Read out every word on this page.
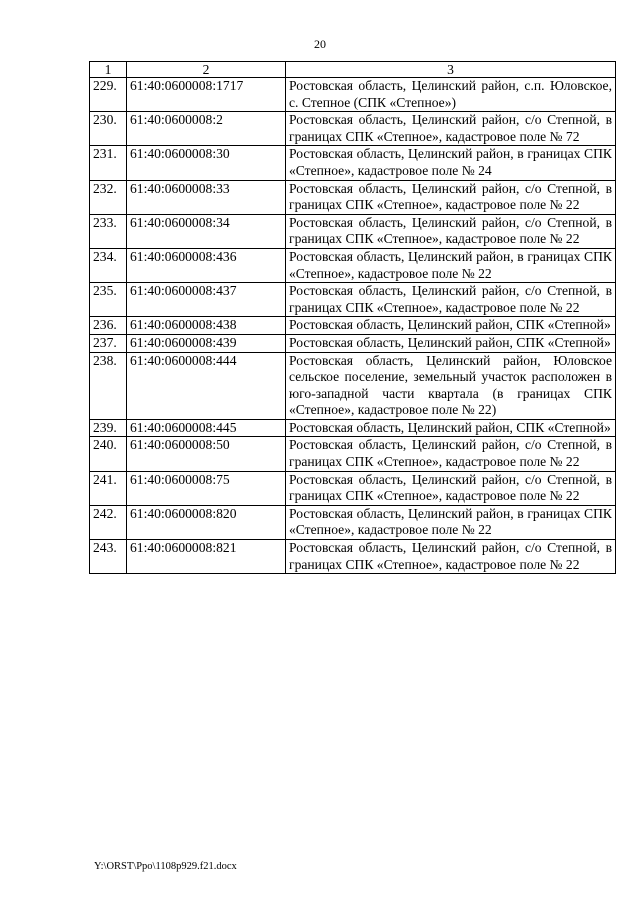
20
1	2	3
229.	61:40:0600008:1717	Ростовская область, Целинский район, с.п. Юловское, с. Степное (СПК «Степное»)
230.	61:40:0600008:2	Ростовская область, Целинский район, с/о Степной, в границах СПК «Степное», кадастровое поле № 72
231.	61:40:0600008:30	Ростовская область, Целинский район, в границах СПК «Степное», кадастровое поле № 24
232.	61:40:0600008:33	Ростовская область, Целинский район, с/о Степной, в границах СПК «Степное», кадастровое поле № 22
233.	61:40:0600008:34	Ростовская область, Целинский район, с/о Степной, в границах СПК «Степное», кадастровое поле № 22
234.	61:40:0600008:436	Ростовская область, Целинский район, в границах СПК «Степное», кадастровое поле № 22
235.	61:40:0600008:437	Ростовская область, Целинский район, с/о Степной, в границах СПК «Степное», кадастровое поле № 22
236.	61:40:0600008:438	Ростовская область, Целинский район, СПК «Степной»
237.	61:40:0600008:439	Ростовская область, Целинский район, СПК «Степной»
238.	61:40:0600008:444	Ростовская область, Целинский район, Юловское сельское поселение, земельный участок расположен в юго-западной части квартала (в границах СПК «Степное», кадастровое поле № 22)
239.	61:40:0600008:445	Ростовская область, Целинский район, СПК «Степной»
240.	61:40:0600008:50	Ростовская область, Целинский район, с/о Степной, в границах СПК «Степное», кадастровое поле № 22
241.	61:40:0600008:75	Ростовская область, Целинский район, с/о Степной, в границах СПК «Степное», кадастровое поле № 22
242.	61:40:0600008:820	Ростовская область, Целинский район, в границах СПК «Степное», кадастровое поле № 22
243.	61:40:0600008:821	Ростовская область, Целинский район, с/о Степной, в границах СПК «Степное», кадастровое поле № 22
Y:\ORST\Ppo\1108p929.f21.docx
